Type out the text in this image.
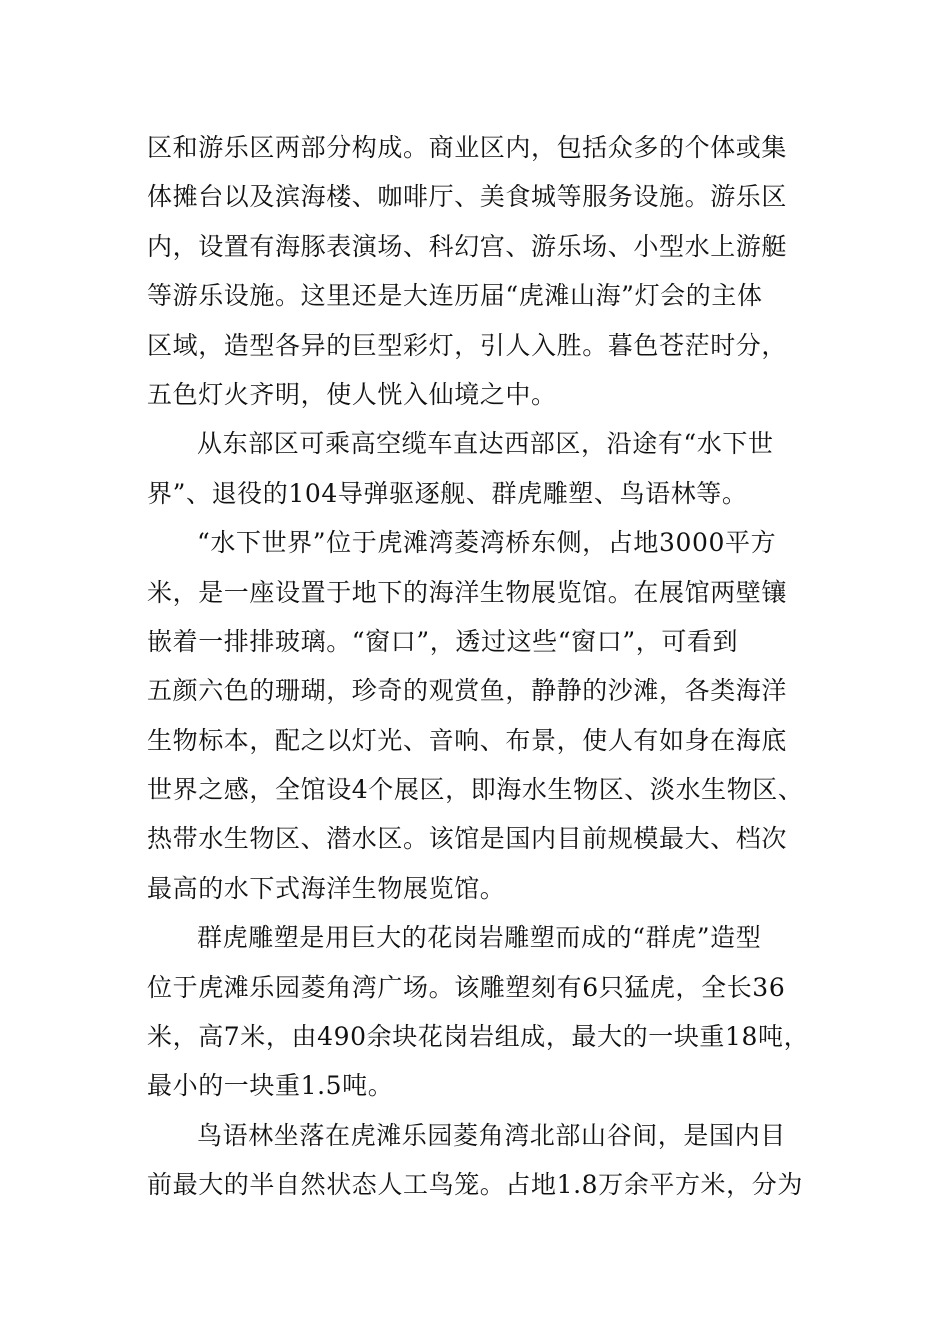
区和游乐区两部分构成。商业区内，包括众多的个体或集
体摊台以及滨海楼、咖啡厅、美食城等服务设施。游乐区
内，设置有海豚表演场、科幻宫、游乐场、小型水上游艇
等游乐设施。这里还是大连历届“虎滩山海”灯会的主体
区域，造型各异的巨型彩灯，引人入胜。暮色苍茫时分，
五色灯火齐明，使人恍入仙境之中。
从东部区可乘高空缆车直达西部区，沿途有“水下世
界”、退役的104导弹驱逐舰、群虎雕塑、鸟语林等。
“水下世界”位于虎滩湾菱湾桥东侧，占地3000平方
米，是一座设置于地下的海洋生物展览馆。在展馆两壁镶
嵌着一排排玻璃。“窗口”，透过这些“窗口”，可看到
五颜六色的珊瑚，珍奇的观赏鱼，静静的沙滩，各类海洋
生物标本，配之以灯光、音响、布景，使人有如身在海底
世界之感，全馆设4个展区，即海水生物区、淡水生物区、
热带水生物区、潜水区。该馆是国内目前规模最大、档次
最高的水下式海洋生物展览馆。
群虎雕塑是用巨大的花岗岩雕塑而成的“群虎”造型
位于虎滩乐园菱角湾广场。该雕塑刻有6只猛虎，全长36
米，高7米，由490余块花岗岩组成，最大的一块重18吨，
最小的一块重1.5吨。
鸟语林坐落在虎滩乐园菱角湾北部山谷间，是国内目
前最大的半自然状态人工鸟笼。占地1.8万余平方米，分为
